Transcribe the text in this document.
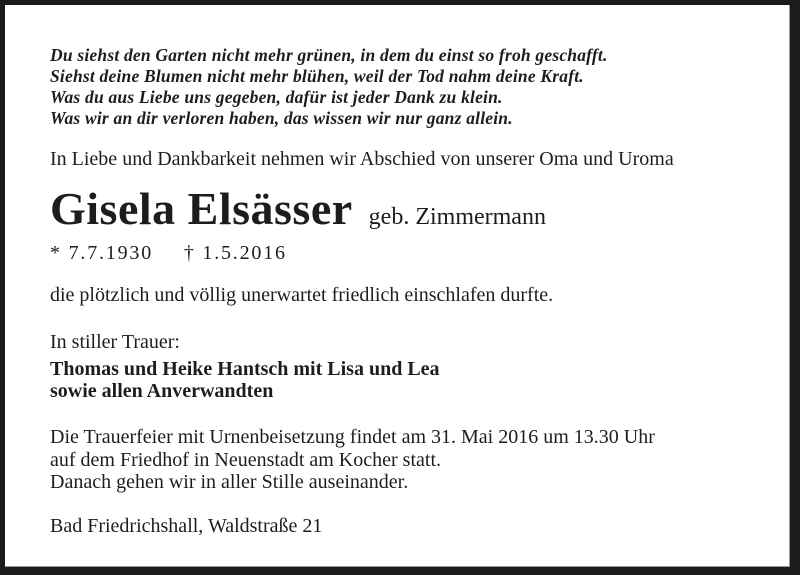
Du siehst den Garten nicht mehr grünen, in dem du einst so froh geschafft.
Siehst deine Blumen nicht mehr blühen, weil der Tod nahm deine Kraft.
Was du aus Liebe uns gegeben, dafür ist jeder Dank zu klein.
Was wir an dir verloren haben, das wissen wir nur ganz allein.
In Liebe und Dankbarkeit nehmen wir Abschied von unserer Oma und Uroma
Gisela Elsässer geb. Zimmermann
* 7.7.1930 † 1.5.2016
die plötzlich und völlig unerwartet friedlich einschlafen durfte.
In stiller Trauer:
Thomas und Heike Hantsch mit Lisa und Lea
sowie allen Anverwandten
Die Trauerfeier mit Urnenbeisetzung findet am 31. Mai 2016 um 13.30 Uhr
auf dem Friedhof in Neuenstadt am Kocher statt.
Danach gehen wir in aller Stille auseinander.
Bad Friedrichshall, Waldstraße 21
